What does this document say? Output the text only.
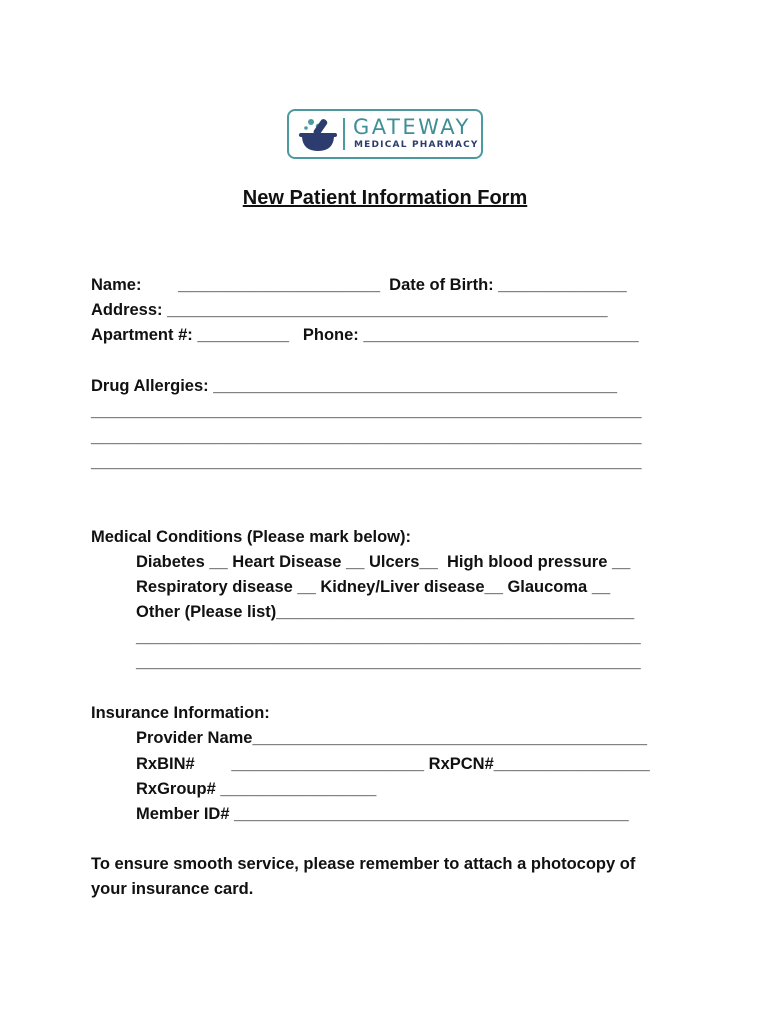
GATEWAY
MEDICAL PHARMACY
New Patient Information Form
Name:        ______________________  Date of Birth: ______________
Address: ________________________________________________
Apartment #: __________   Phone: ______________________________
Drug Allergies: ____________________________________________
____________________________________________________________
____________________________________________________________
____________________________________________________________
Medical Conditions (Please mark below):
Diabetes __ Heart Disease __ Ulcers__  High blood pressure __
Respiratory disease __ Kidney/Liver disease__ Glaucoma __
Other (Please list)_______________________________________
_______________________________________________________
_______________________________________________________
Insurance Information:
Provider Name___________________________________________
RxBIN#        _____________________ RxPCN#_________________
RxGroup# _________________
Member ID# ___________________________________________
To ensure smooth service, please remember to attach a photocopy of
your insurance card.
